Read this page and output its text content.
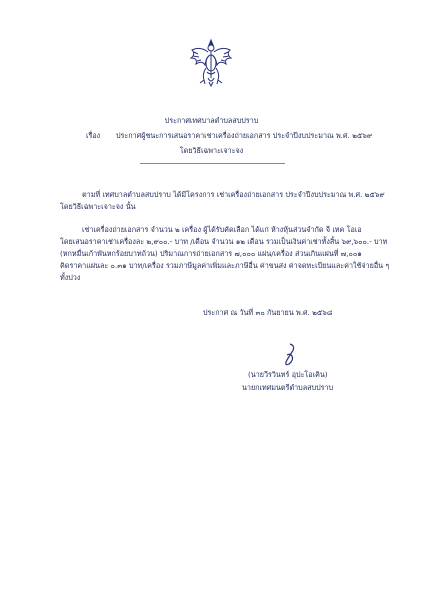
ประกาศเทศบาลตำบลสบปราบ
เรื่อง ประกาศผู้ชนะการเสนอราคาเช่าเครื่องถ่ายเอกสาร ประจำปีงบประมาณ พ.ศ. ๒๕๖๙
โดยวิธีเฉพาะเจาะจง
ตามที่ เทศบาลตำบลสบปราบ ได้มีโครงการ เช่าเครื่องถ่ายเอกสาร ประจำปีงบประมาณ พ.ศ. ๒๕๖๙
โดยวิธีเฉพาะเจาะจง นั้น
เช่าเครื่องถ่ายเอกสาร จำนวน ๒ เครื่อง ผู้ได้รับคัดเลือก ได้แก่ ห้างหุ้นส่วนจำกัด จี เทค โอเอ
โดยเสนอราคาเช่าเครื่องละ ๒,๙๐๐.- บาท /เดือน จำนวน ๑๒ เดือน รวมเป็นเงินค่าเช่าทั้งสิ้น ๖๙,๖๐๐.- บาท
(หกหมื่นเก้าพันหกร้อยบาทถ้วน) ปริมาณการถ่ายเอกสาร ๗,๐๐๐ แผ่น/เครื่อง ส่วนเกินแผ่นที่ ๗,๐๐๑
คิดราคาแผ่นละ ๐.๓๑ บาท/เครื่อง รวมภาษีมูลค่าเพิ่มและภาษีอื่น ค่าขนส่ง ค่าจดทะเบียนและค่าใช้จ่ายอื่น ๆ
ทั้งปวง
ประกาศ ณ วันที่ ๓๐ กันยายน พ.ศ. ๒๕๖๘
(นายวีรวินทร์ อุปะโอเคิน)
นายกเทศมนตรีตำบลสบปราบ
